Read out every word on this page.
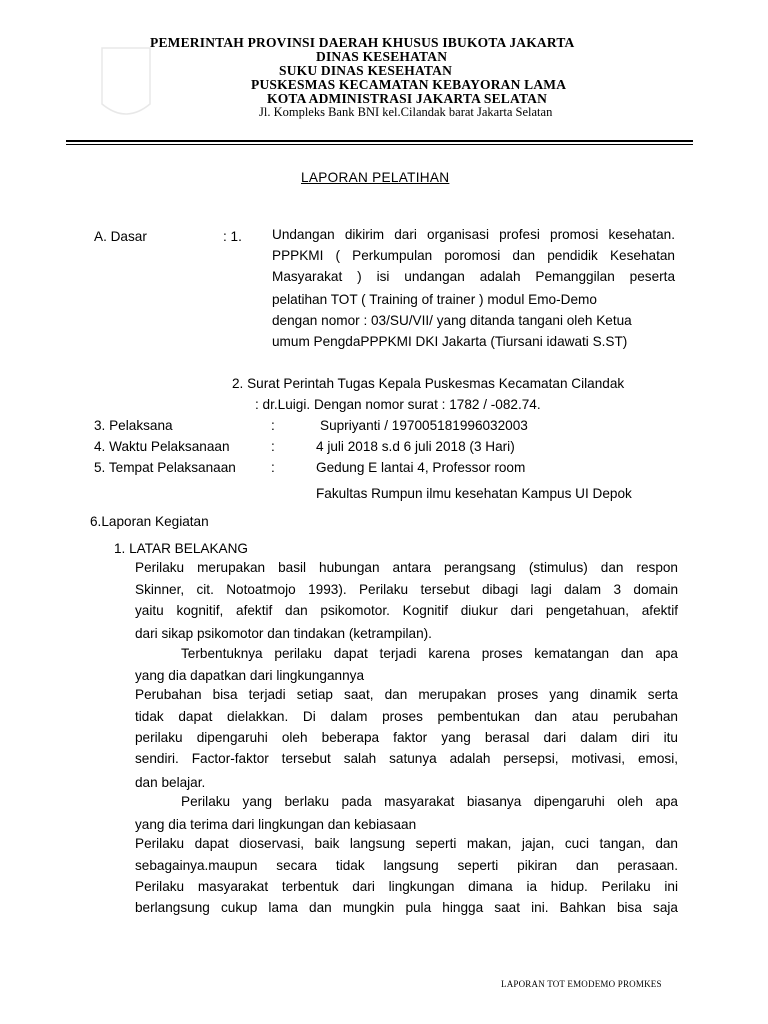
PEMERINTAH PROVINSI DAERAH KHUSUS IBUKOTA JAKARTA
DINAS KESEHATAN
SUKU DINAS KESEHATAN
PUSKESMAS KECAMATAN KEBAYORAN LAMA
KOTA ADMINISTRASI JAKARTA SELATAN
Jl. Kompleks Bank BNI kel.Cilandak barat Jakarta Selatan
LAPORAN PELATIHAN
A. Dasar	: 1. Undangan dikirim dari organisasi profesi promosi kesehatan.
PPPKMI ( Perkumpulan poromosi dan pendidik Kesehatan
Masyarakat ) isi undangan adalah Pemanggilan peserta
pelatihan TOT ( Training of trainer ) modul Emo-Demo
dengan nomor : 03/SU/VII/ yang ditanda tangani oleh Ketua
umum PengdaPPPKMI DKI Jakarta (Tiursani idawati S.ST)
2. Surat Perintah Tugas Kepala Puskesmas Kecamatan Cilandak
: dr.Luigi. Dengan nomor surat : 1782 / -082.74.
3. Pelaksana	:	Supriyanti / 197005181996032003
4. Waktu Pelaksanaan	:	4 juli 2018 s.d 6 juli 2018 (3 Hari)
5. Tempat Pelaksanaan	:	Gedung E lantai 4, Professor room
Fakultas Rumpun ilmu kesehatan Kampus UI Depok
6.Laporan Kegiatan
1. LATAR BELAKANG
Perilaku merupakan basil hubungan antara perangsang (stimulus) dan respon
Skinner, cit. Notoatmojo 1993). Perilaku tersebut dibagi lagi dalam 3 domain
yaitu kognitif, afektif dan psikomotor. Kognitif diukur dari pengetahuan, afektif
dari sikap psikomotor dan tindakan (ketrampilan).
Terbentuknya perilaku dapat terjadi karena proses kematangan dan apa
yang dia dapatkan dari lingkungannya
Perubahan bisa terjadi setiap saat, dan merupakan proses yang dinamik serta
tidak dapat dielakkan. Di dalam proses pembentukan dan atau perubahan
perilaku dipengaruhi oleh beberapa faktor yang berasal dari dalam diri itu
sendiri. Factor-faktor tersebut salah satunya adalah persepsi, motivasi, emosi,
dan belajar.
Perilaku yang berlaku pada masyarakat biasanya dipengaruhi oleh apa
yang dia terima dari lingkungan dan kebiasaan
Perilaku dapat dioservasi, baik langsung seperti makan, jajan, cuci tangan, dan
sebagainya.maupun secara tidak langsung seperti pikiran dan perasaan.
Perilaku masyarakat terbentuk dari lingkungan dimana ia hidup. Perilaku ini
berlangsung cukup lama dan mungkin pula hingga saat ini. Bahkan bisa saja
LAPORAN TOT EMODEMO PROMKES
